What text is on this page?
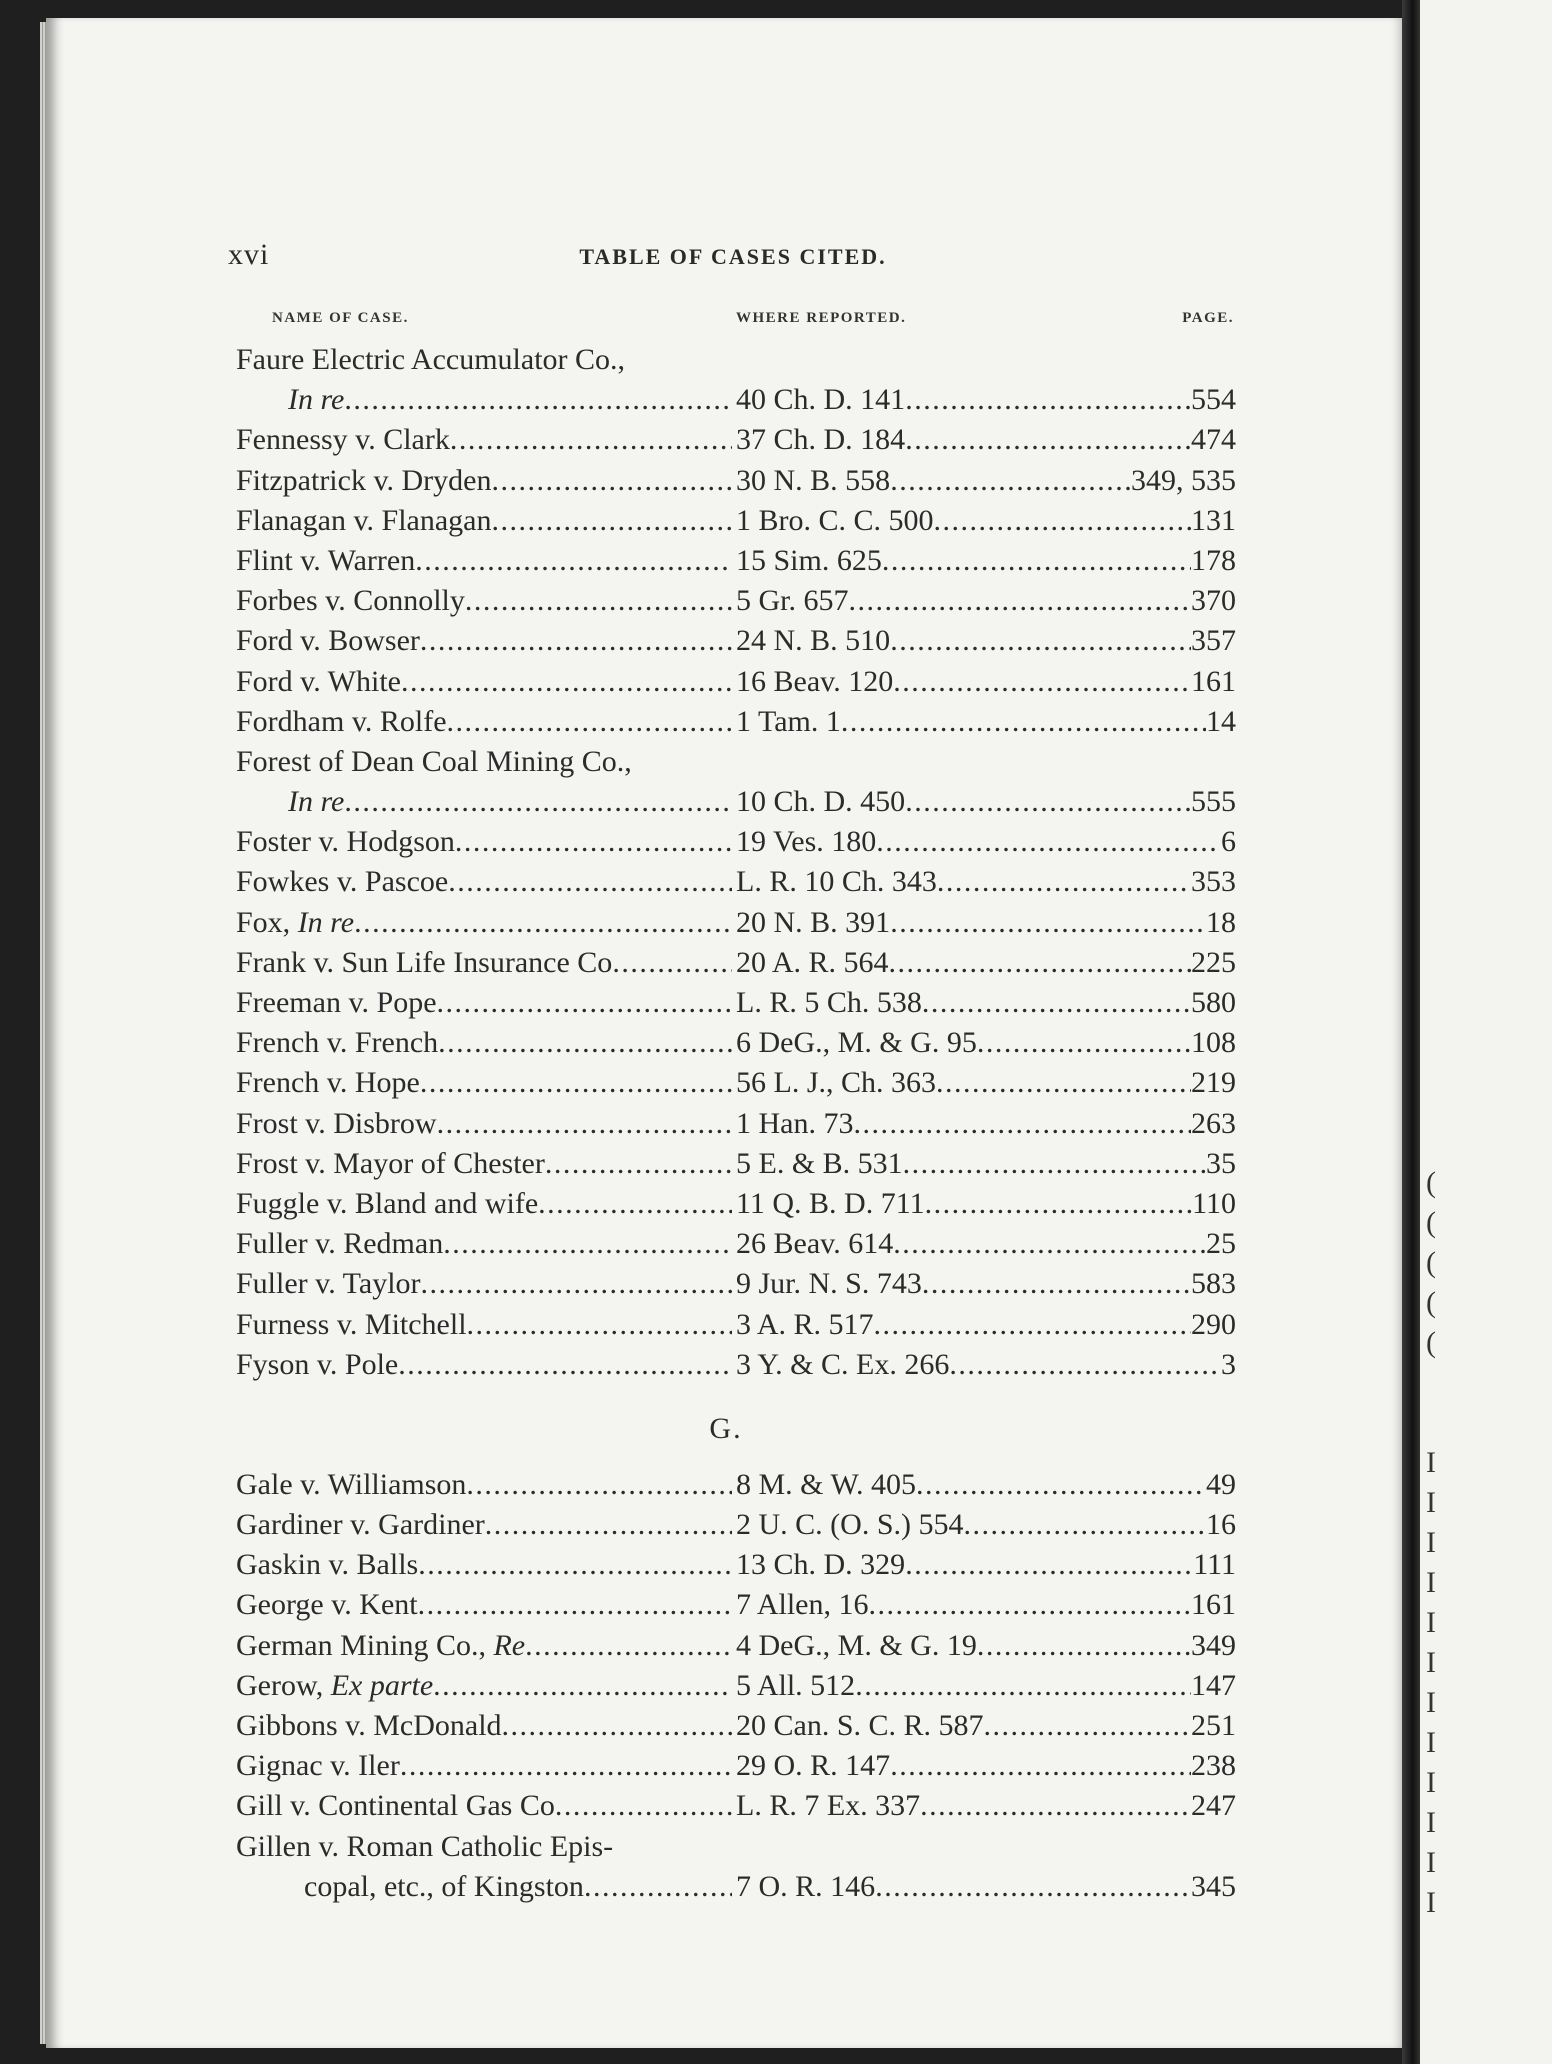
(
(
(
(
(
I
I
I
I
I
I
I
I
I
I
I
I
xvi	TABLE OF CASES CITED.
NAME OF CASE.	WHERE REPORTED.	PAGE.
Faure Electric Accumulator Co.,
In re . . .	40 Ch. D. 141 . . .	554
Fennessy v. Clark . . .	37 Ch. D. 184 . . .	474
Fitzpatrick v. Dryden . . .	30 N. B. 558 . . .	349, 535
Flanagan v. Flanagan . . .	1 Bro. C. C. 500 . . .	131
Flint v. Warren . . .	15 Sim. 625 . . .	178
Forbes v. Connolly . . .	5 Gr. 657 . . .	370
Ford v. Bowser . . .	24 N. B. 510 . . .	357
Ford v. White . . .	16 Beav. 120 . . .	161
Fordham v. Rolfe . . .	1 Tam. 1 . . .	14
Forest of Dean Coal Mining Co.,
In re . . .	10 Ch. D. 450 . . .	555
Foster v. Hodgson . . .	19 Ves. 180 . . .	6
Fowkes v. Pascoe . . .	L. R. 10 Ch. 343 . . .	353
Fox, In re . . .	20 N. B. 391 . . .	18
Frank v. Sun Life Insurance Co . . .	20 A. R. 564 . . .	225
Freeman v. Pope . . .	L. R. 5 Ch. 538 . . .	580
French v. French . . .	6 DeG., M. & G. 95 . . .	108
French v. Hope . . .	56 L. J., Ch. 363 . . .	219
Frost v. Disbrow . . .	1 Han. 73 . . .	263
Frost v. Mayor of Chester . . .	5 E. & B. 531 . . .	35
Fuggle v. Bland and wife . . .	11 Q. B. D. 711 . . .	110
Fuller v. Redman . . .	26 Beav. 614 . . .	25
Fuller v. Taylor . . .	9 Jur. N. S. 743 . . .	583
Furness v. Mitchell . . .	3 A. R. 517 . . .	290
Fyson v. Pole . . .	3 Y. & C. Ex. 266 . . .	3
G.
Gale v. Williamson . . .	8 M. & W. 405 . . .	49
Gardiner v. Gardiner . . .	2 U. C. (O. S.) 554 . . .	16
Gaskin v. Balls . . .	13 Ch. D. 329 . . .	111
George v. Kent . . .	7 Allen, 16 . . .	161
German Mining Co., Re . . .	4 DeG., M. & G. 19 . . .	349
Gerow, Ex parte . . .	5 All. 512 . . .	147
Gibbons v. McDonald . . .	20 Can. S. C. R. 587 . . .	251
Gignac v. Iler . . .	29 O. R. 147 . . .	238
Gill v. Continental Gas Co . . .	L. R. 7 Ex. 337 . . .	247
Gillen v. Roman Catholic Epis-
copal, etc., of Kingston . . .	7 O. R. 146 . . .	345
